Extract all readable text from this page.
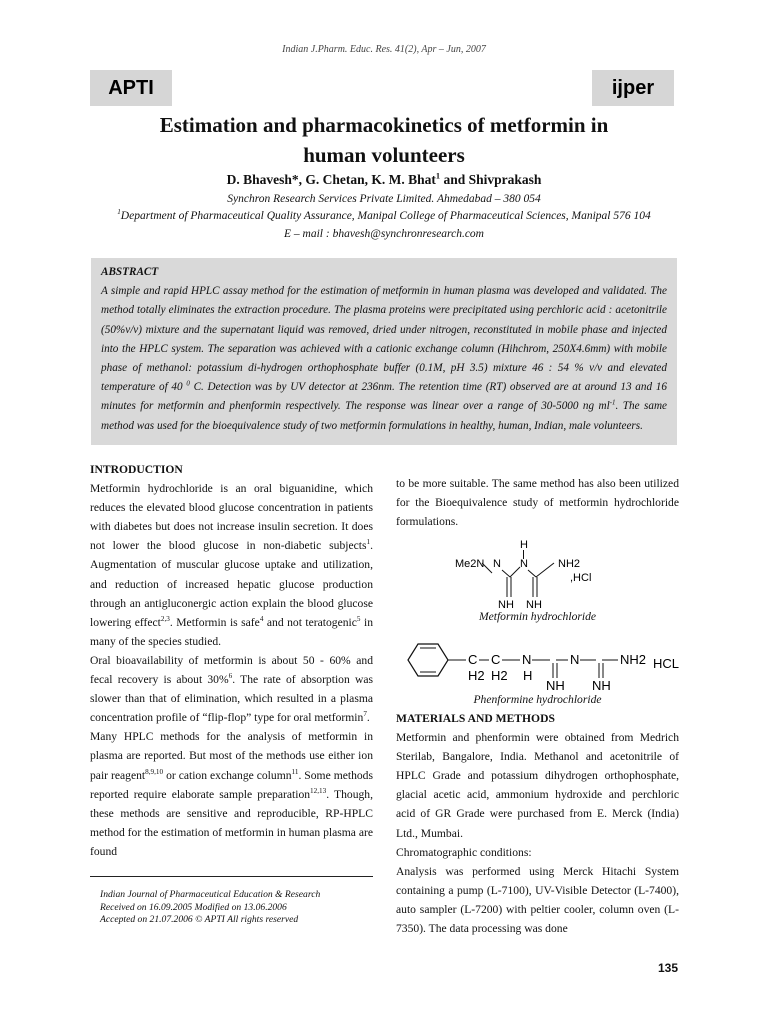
Indian J.Pharm. Educ. Res. 41(2), Apr – Jun, 2007
APTI	ijper
Estimation and pharmacokinetics of metformin in
human volunteers
D. Bhavesh*, G. Chetan, K. M. Bhat$^1$ and Shivprakash
Synchron Research Services Private Limited. Ahmedabad – 380 054
$^1$Department of Pharmaceutical Quality Assurance, Manipal College of Pharmaceutical Sciences, Manipal 576 104
E – mail : bhavesh@synchronresearch.com
ABSTRACT
A simple and rapid HPLC assay method for the estimation of metformin in human plasma was developed and validated. The method totally eliminates the extraction procedure. The plasma proteins were precipitated using perchloric acid : acetonitrile (50%v/v) mixture and the supernatant liquid was removed, dried under nitrogen, reconstituted in mobile phase and injected into the HPLC system. The separation was achieved with a cationic exchange column (Hihchrom, 250X4.6mm) with mobile phase of methanol: potassium di-hydrogen orthophosphate buffer (0.1M, pH 3.5) mixture 46 : 54 % v/v and elevated temperature of 40 $^0$ C. Detection was by UV detector at 236nm. The retention time (RT) observed are at around 13 and 16 minutes for metformin and phenformin respectively. The response was linear over a range of 30-5000 ng $ml^{-1}$. The same method was used for the bioequivalence study of two metformin formulations in healthy, human, Indian, male volunteers.
INTRODUCTION

Metformin hydrochloride is an oral biguanidine, which reduces the elevated blood glucose concentration in patients with diabetes but does not increase insulin secretion. It does not lower the blood glucose in non-diabetic subjects$^1$. Augmentation of muscular glucose uptake and utilization, and reduction of increased hepatic glucose production through an antigluconergic action explain the blood glucose lowering effect$^{2,3}$. Metformin is safe$^4$ and not teratogenic$^5$ in many of the species studied.

Oral bioavailability of metformin is about 50 - 60% and fecal recovery is about 30%$^6$. The rate of absorption was slower than that of elimination, which resulted in a plasma concentration profile of “flip-flop” type for oral metformin$^7$.

Many HPLC methods for the analysis of metformin in plasma are reported. But most of the methods use either ion pair reagent$^{8,9,10}$ or cation exchange column$^{11}$. Some methods reported require elaborate sample preparation$^{12,13}$. Though, these methods are sensitive and reproducible, RP-HPLC method for the estimation of metformin in human plasma are found

to be more suitable. The same method has also been utilized for the Bioequivalence study of metformin hydrochloride formulations.

H
Me2N N N	NH2
NH NH
,HCl
Metformin hydrochloride
C C N	N	NH2 HCL
H2 H2 H
NH NH
Phenformine hydrochloride
MATERIALS AND METHODS

Metformin and phenformin were obtained from Medrich Sterilab, Bangalore, India. Methanol and acetonitrile of HPLC Grade and potassium dihydrogen orthophosphate, glacial acetic acid, ammonium hydroxide and perchloric acid of GR Grade were purchased from E. Merck (India) Ltd., Mumbai.

Chromatographic conditions:

Analysis was performed using Merck Hitachi System containing a pump (L-7100), UV-Visible Detector (L-7400), auto sampler (L-7200) with peltier cooler, column oven (L-7350). The data processing was done

Indian Journal of Pharmaceutical Education & Research
Received on 16.09.2005 Modified on 13.06.2006
Accepted on 21.07.2006 © APTI All rights reserved
135
